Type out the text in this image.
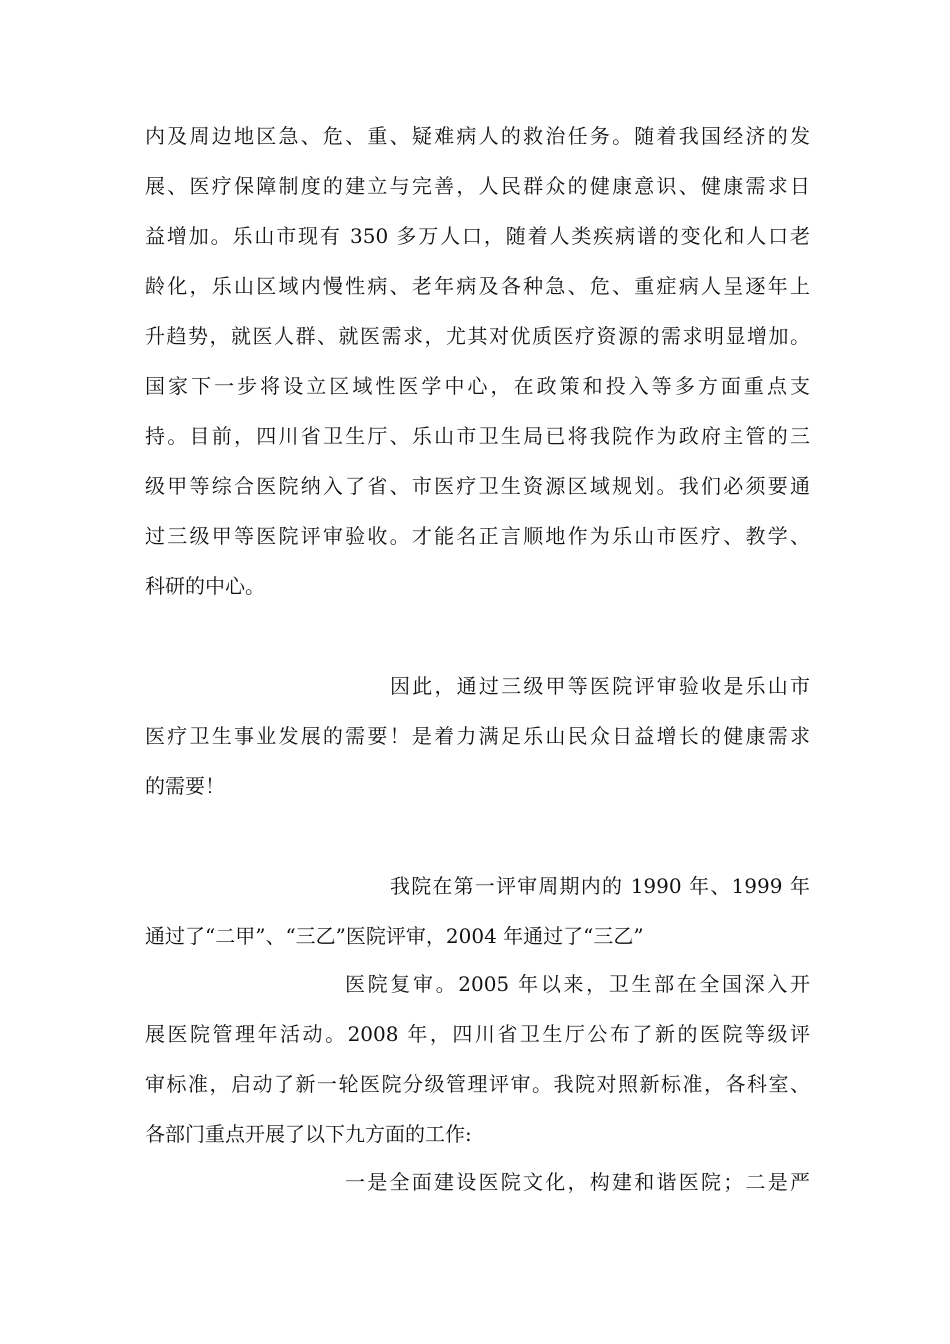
内及周边地区急、危、重、疑难病人的救治任务。随着我国经济的发
展、医疗保障制度的建立与完善，人民群众的健康意识、健康需求日
益增加。乐山市现有 350 多万人口，随着人类疾病谱的变化和人口老
龄化，乐山区域内慢性病、老年病及各种急、危、重症病人呈逐年上
升趋势，就医人群、就医需求，尤其对优质医疗资源的需求明显增加。
国家下一步将设立区域性医学中心，在政策和投入等多方面重点支
持。目前，四川省卫生厅、乐山市卫生局已将我院作为政府主管的三
级甲等综合医院纳入了省、市医疗卫生资源区域规划。我们必须要通
过三级甲等医院评审验收。才能名正言顺地作为乐山市医疗、教学、
科研的中心。
因此，通过三级甲等医院评审验收是乐山市
医疗卫生事业发展的需要！是着力满足乐山民众日益增长的健康需求
的需要！
我院在第一评审周期内的 1990 年、1999 年
通过了“二甲”、“三乙”医院评审，2004 年通过了“三乙”
医院复审。2005 年以来，卫生部在全国深入开
展医院管理年活动。2008 年，四川省卫生厅公布了新的医院等级评
审标准，启动了新一轮医院分级管理评审。我院对照新标准，各科室、
各部门重点开展了以下九方面的工作:
一是全面建设医院文化，构建和谐医院；二是严
